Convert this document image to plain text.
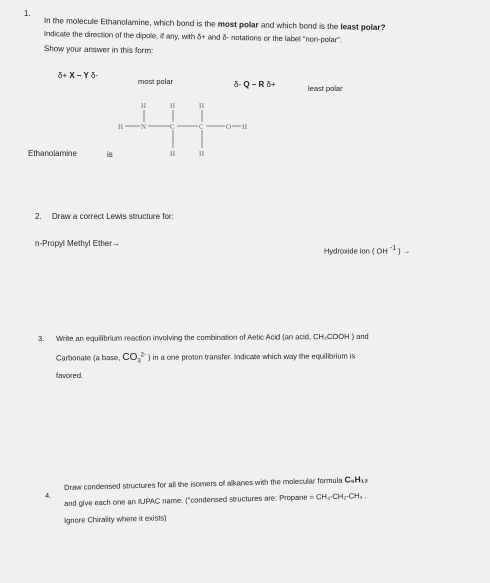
1.
In the molecule Ethanolamine, which bond is the most polar and which bond is the least polar?
Indicate the direction of the dipole, if any, with δ+ and δ- notations or the label "non-polar".
Show your answer in this form:
δ+ X – Y δ-
most polar	δ- Q – R δ+	least polar
H	H	H
H	N	C	C	O H
H	H
Ethanolamine	is
2. Draw a correct Lewis structure for:
n-Propyl Methyl Ether→
Hydroxide ion ( OH $^{-1}$ ) →
3. Write an equilibrium reaction involving the combination of Aetic Acid (an acid, CH₃COOH ) and
Carbonate (a base, $CO_3^{2-}$ ) in a one proton transfer. Indicate which way the equilibrium is
favored.
4.
Draw condensed structures for all the isomers of alkanes with the molecular formula C₅H₁₂
and give each one an IUPAC name. ("condensed structures are: Propane = CH₃-CH₂-CH₃ .
Ignore Chirality where it exists)
